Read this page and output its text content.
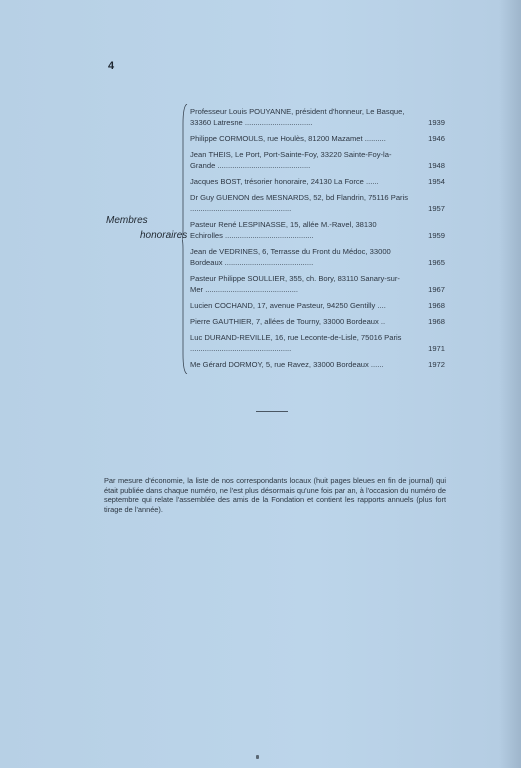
4
Membres
honoraires
Professeur Louis POUYANNE, président d'honneur, Le Basque, 33360 Latresne ................................	1939
Philippe CORMOULS, rue Houlès, 81200 Mazamet ..........	1946
Jean THEIS, Le Port, Port-Sainte-Foy, 33220 Sainte-Foy-la-Grande ............................................	1948
Jacques BOST, trésorier honoraire, 24130 La Force ......	1954
Dr Guy GUENON des MESNARDS, 52, bd Flandrin, 75116 Paris ................................................	1957
Pasteur René LESPINASSE, 15, allée M.-Ravel, 38130 Echirolles ..........................................	1959
Jean de VEDRINES, 6, Terrasse du Front du Médoc, 33000 Bordeaux ..........................................	1965
Pasteur Philippe SOULLIER, 355, ch. Bory, 83110 Sanary-sur-Mer ............................................	1967
Lucien COCHAND, 17, avenue Pasteur, 94250 Gentilly ....	1968
Pierre GAUTHIER, 7, allées de Tourny, 33000 Bordeaux ..	1968
Luc DURAND-REVILLE, 16, rue Leconte-de-Lisle, 75016 Paris ................................................	1971
Me Gérard DORMOY, 5, rue Ravez, 33000 Bordeaux ......	1972
Par mesure d'économie, la liste de nos correspondants locaux (huit pages bleues en fin de journal) qui était publiée dans chaque numéro, ne l'est plus désormais qu'une fois par an, à l'occasion du numéro de septembre qui relate l'assemblée des amis de la Fondation et contient les rapports annuels (plus fort tirage de l'année).
